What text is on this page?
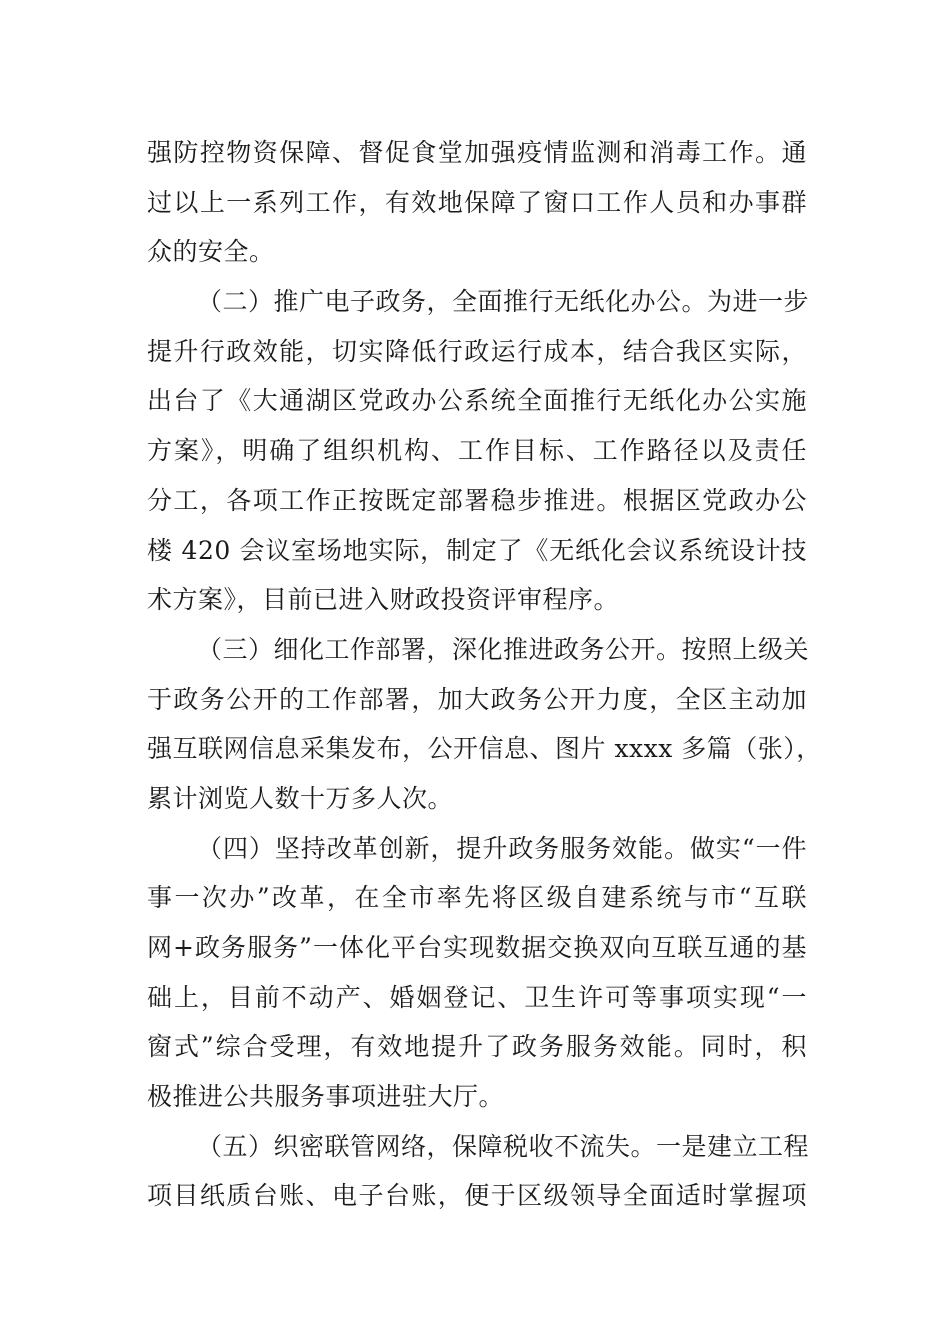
强防控物资保障、督促食堂加强疫情监测和消毒工作。通
过以上一系列工作，有效地保障了窗口工作人员和办事群
众的安全。
（二）推广电子政务，全面推行无纸化办公。为进一步
提升行政效能，切实降低行政运行成本，结合我区实际，
出台了《大通湖区党政办公系统全面推行无纸化办公实施
方案》，明确了组织机构、工作目标、工作路径以及责任
分工，各项工作正按既定部署稳步推进。根据区党政办公
楼 420 会议室场地实际，制定了《无纸化会议系统设计技
术方案》，目前已进入财政投资评审程序。
（三）细化工作部署，深化推进政务公开。按照上级关
于政务公开的工作部署，加大政务公开力度，全区主动加
强互联网信息采集发布，公开信息、图片 xxxx 多篇（张），
累计浏览人数十万多人次。
（四）坚持改革创新，提升政务服务效能。做实“一件
事一次办”改革，在全市率先将区级自建系统与市“互联
网+政务服务”一体化平台实现数据交换双向互联互通的基
础上，目前不动产、婚姻登记、卫生许可等事项实现“一
窗式”综合受理，有效地提升了政务服务效能。同时，积
极推进公共服务事项进驻大厅。
（五）织密联管网络，保障税收不流失。一是建立工程
项目纸质台账、电子台账，便于区级领导全面适时掌握项
